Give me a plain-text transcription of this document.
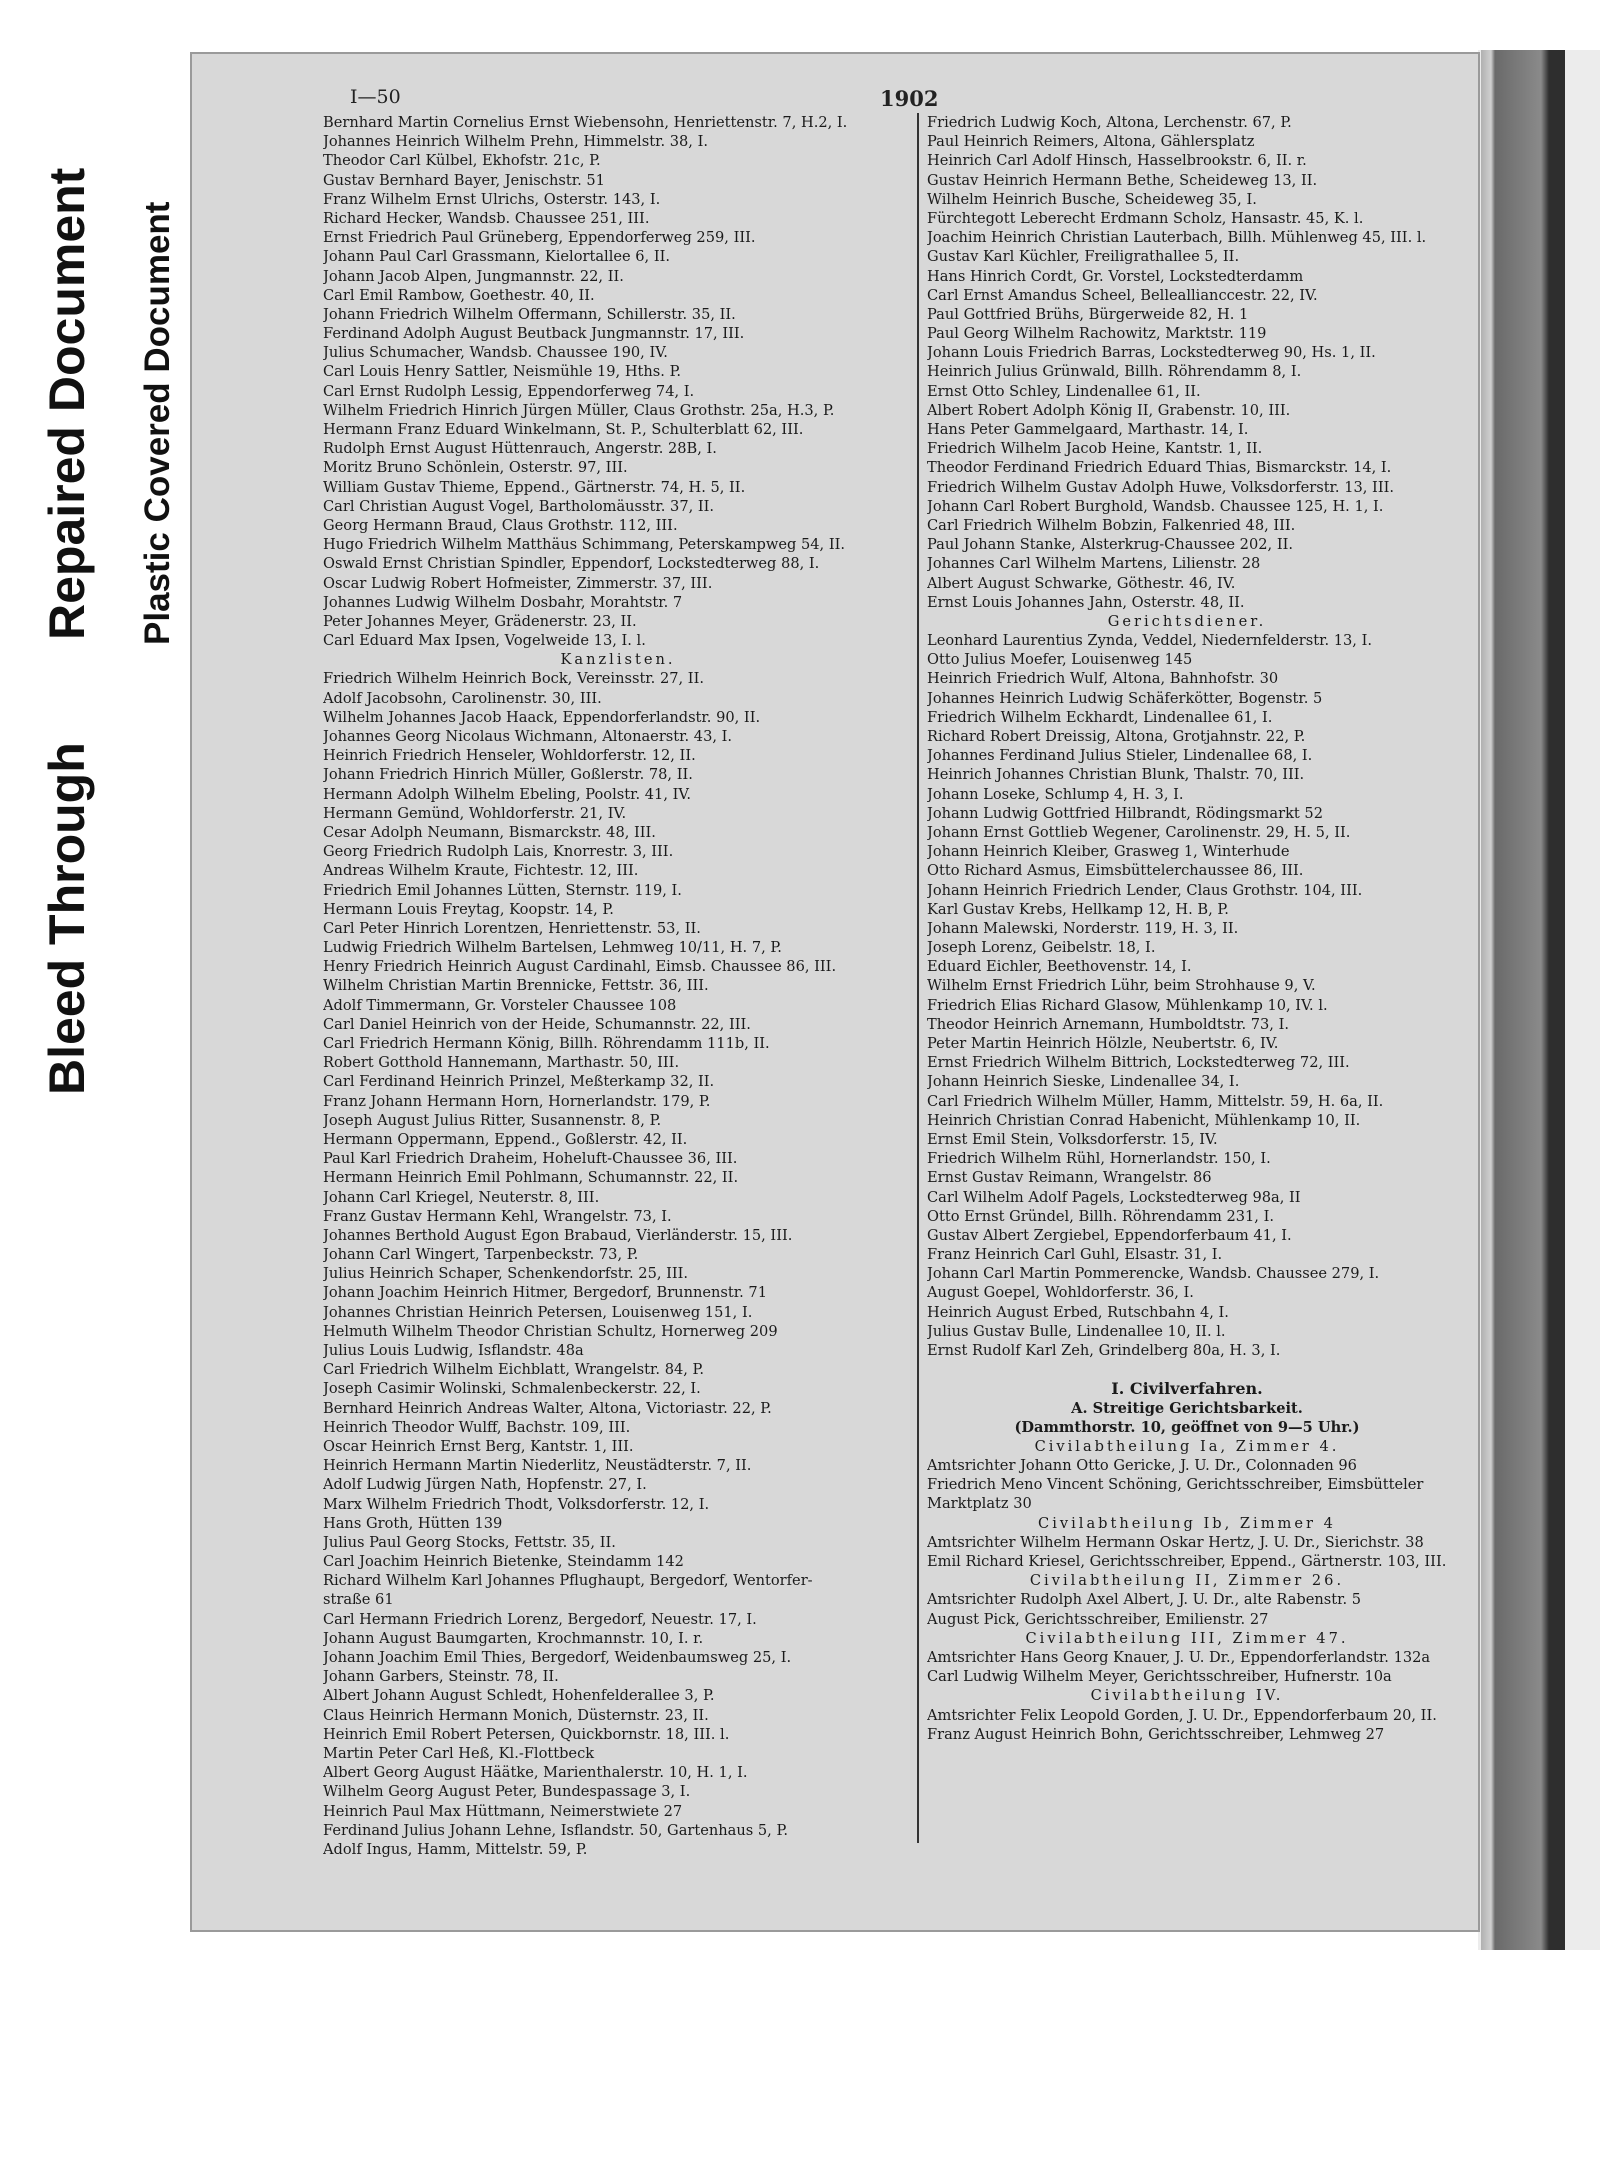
Bleed Through
Repaired Document Plastic Covered Document
I—50	1902
Bernhard Martin Cornelius Ernst Wiebensohn, Henriettenstr. 7, H.2, I.
Johannes Heinrich Wilhelm Prehn, Himmelstr. 38, I.
Theodor Carl Külbel, Ekhofstr. 21c, P.
Gustav Bernhard Bayer, Jenischstr. 51
Franz Wilhelm Ernst Ulrichs, Osterstr. 143, I.
Richard Hecker, Wandsb. Chaussee 251, III.
Ernst Friedrich Paul Grüneberg, Eppendorferweg 259, III.
Johann Paul Carl Grassmann, Kielortallee 6, II.
Johann Jacob Alpen, Jungmannstr. 22, II.
Carl Emil Rambow, Goethestr. 40, II.
Johann Friedrich Wilhelm Offermann, Schillerstr. 35, II.
Ferdinand Adolph August Beutback Jungmannstr. 17, III.
Julius Schumacher, Wandsb. Chaussee 190, IV.
Carl Louis Henry Sattler, Neismühle 19, Hths. P.
Carl Ernst Rudolph Lessig, Eppendorferweg 74, I.
Wilhelm Friedrich Hinrich Jürgen Müller, Claus Grothstr. 25a, H.3, P.
Hermann Franz Eduard Winkelmann, St. P., Schulterblatt 62, III.
Rudolph Ernst August Hüttenrauch, Angerstr. 28B, I.
Moritz Bruno Schönlein, Osterstr. 97, III.
William Gustav Thieme, Eppend., Gärtnerstr. 74, H. 5, II.
Carl Christian August Vogel, Bartholomäusstr. 37, II.
Georg Hermann Braud, Claus Grothstr. 112, III.
Hugo Friedrich Wilhelm Matthäus Schimmang, Peterskampweg 54, II.
Oswald Ernst Christian Spindler, Eppendorf, Lockstedterweg 88, I.
Oscar Ludwig Robert Hofmeister, Zimmerstr. 37, III.
Johannes Ludwig Wilhelm Dosbahr, Morahtstr. 7
Peter Johannes Meyer, Grädenerstr. 23, II.
Carl Eduard Max Ipsen, Vogelweide 13, I. l.
Kanzlisten.
Friedrich Wilhelm Heinrich Bock, Vereinsstr. 27, II.
Adolf Jacobsohn, Carolinenstr. 30, III.
Wilhelm Johannes Jacob Haack, Eppendorferlandstr. 90, II.
Johannes Georg Nicolaus Wichmann, Altonaerstr. 43, I.
Heinrich Friedrich Henseler, Wohldorferstr. 12, II.
Johann Friedrich Hinrich Müller, Goßlerstr. 78, II.
Hermann Adolph Wilhelm Ebeling, Poolstr. 41, IV.
Hermann Gemünd, Wohldorferstr. 21, IV.
Cesar Adolph Neumann, Bismarckstr. 48, III.
Georg Friedrich Rudolph Lais, Knorrestr. 3, III.
Andreas Wilhelm Kraute, Fichtestr. 12, III.
Friedrich Emil Johannes Lütten, Sternstr. 119, I.
Hermann Louis Freytag, Koopstr. 14, P.
Carl Peter Hinrich Lorentzen, Henriettenstr. 53, II.
Ludwig Friedrich Wilhelm Bartelsen, Lehmweg 10/11, H. 7, P.
Henry Friedrich Heinrich August Cardinahl, Eimsb. Chaussee 86, III.
Wilhelm Christian Martin Brennicke, Fettstr. 36, III.
Adolf Timmermann, Gr. Vorsteler Chaussee 108
Carl Daniel Heinrich von der Heide, Schumannstr. 22, III.
Carl Friedrich Hermann König, Billh. Röhrendamm 111b, II.
Robert Gotthold Hannemann, Marthastr. 50, III.
Carl Ferdinand Heinrich Prinzel, Meßterkamp 32, II.
Franz Johann Hermann Horn, Hornerlandstr. 179, P.
Joseph August Julius Ritter, Susannenstr. 8, P.
Hermann Oppermann, Eppend., Goßlerstr. 42, II.
Paul Karl Friedrich Draheim, Hoheluft-Chaussee 36, III.
Hermann Heinrich Emil Pohlmann, Schumannstr. 22, II.
Johann Carl Kriegel, Neuterstr. 8, III.
Franz Gustav Hermann Kehl, Wrangelstr. 73, I.
Johannes Berthold August Egon Brabaud, Vierländerstr. 15, III.
Johann Carl Wingert, Tarpenbeckstr. 73, P.
Julius Heinrich Schaper, Schenkendorfstr. 25, III.
Johann Joachim Heinrich Hitmer, Bergedorf, Brunnenstr. 71
Johannes Christian Heinrich Petersen, Louisenweg 151, I.
Helmuth Wilhelm Theodor Christian Schultz, Hornerweg 209
Julius Louis Ludwig, Isflandstr. 48a
Carl Friedrich Wilhelm Eichblatt, Wrangelstr. 84, P.
Joseph Casimir Wolinski, Schmalenbeckerstr. 22, I.
Bernhard Heinrich Andreas Walter, Altona, Victoriastr. 22, P.
Heinrich Theodor Wulff, Bachstr. 109, III.
Oscar Heinrich Ernst Berg, Kantstr. 1, III.
Heinrich Hermann Martin Niederlitz, Neustädterstr. 7, II.
Adolf Ludwig Jürgen Nath, Hopfenstr. 27, I.
Marx Wilhelm Friedrich Thodt, Volksdorferstr. 12, I.
Hans Groth, Hütten 139
Julius Paul Georg Stocks, Fettstr. 35, II.
Carl Joachim Heinrich Bietenke, Steindamm 142
Richard Wilhelm Karl Johannes Pflughaupt, Bergedorf, Wentorfer-
straße 61
Carl Hermann Friedrich Lorenz, Bergedorf, Neuestr. 17, I.
Johann August Baumgarten, Krochmannstr. 10, I. r.
Johann Joachim Emil Thies, Bergedorf, Weidenbaumsweg 25, I.
Johann Garbers, Steinstr. 78, II.
Albert Johann August Schledt, Hohenfelderallee 3, P.
Claus Heinrich Hermann Monich, Düsternstr. 23, II.
Heinrich Emil Robert Petersen, Quickbornstr. 18, III. l.
Martin Peter Carl Heß, Kl.-Flottbeck
Albert Georg August Häätke, Marienthalerstr. 10, H. 1, I.
Wilhelm Georg August Peter, Bundespassage 3, I.
Heinrich Paul Max Hüttmann, Neimerstwiete 27
Ferdinand Julius Johann Lehne, Isflandstr. 50, Gartenhaus 5, P.
Adolf Ingus, Hamm, Mittelstr. 59, P.
Friedrich Ludwig Koch, Altona, Lerchenstr. 67, P.
Paul Heinrich Reimers, Altona, Gählersplatz
Heinrich Carl Adolf Hinsch, Hasselbrookstr. 6, II. r.
Gustav Heinrich Hermann Bethe, Scheideweg 13, II.
Wilhelm Heinrich Busche, Scheideweg 35, I.
Fürchtegott Leberecht Erdmann Scholz, Hansastr. 45, K. l.
Joachim Heinrich Christian Lauterbach, Billh. Mühlenweg 45, III. l.
Gustav Karl Küchler, Freiligrathallee 5, II.
Hans Hinrich Cordt, Gr. Vorstel, Lockstedterdamm
Carl Ernst Amandus Scheel, Belleallianccestr. 22, IV.
Paul Gottfried Brühs, Bürgerweide 82, H. 1
Paul Georg Wilhelm Rachowitz, Marktstr. 119
Johann Louis Friedrich Barras, Lockstedterweg 90, Hs. 1, II.
Heinrich Julius Grünwald, Billh. Röhrendamm 8, I.
Ernst Otto Schley, Lindenallee 61, II.
Albert Robert Adolph König II, Grabenstr. 10, III.
Hans Peter Gammelgaard, Marthastr. 14, I.
Friedrich Wilhelm Jacob Heine, Kantstr. 1, II.
Theodor Ferdinand Friedrich Eduard Thias, Bismarckstr. 14, I.
Friedrich Wilhelm Gustav Adolph Huwe, Volksdorferstr. 13, III.
Johann Carl Robert Burghold, Wandsb. Chaussee 125, H. 1, I.
Carl Friedrich Wilhelm Bobzin, Falkenried 48, III.
Paul Johann Stanke, Alsterkrug-Chaussee 202, II.
Johannes Carl Wilhelm Martens, Lilienstr. 28
Albert August Schwarke, Göthestr. 46, IV.
Ernst Louis Johannes Jahn, Osterstr. 48, II.
Gerichtsdiener.
Leonhard Laurentius Zynda, Veddel, Niedernfelderstr. 13, I.
Otto Julius Moefer, Louisenweg 145
Heinrich Friedrich Wulf, Altona, Bahnhofstr. 30
Johannes Heinrich Ludwig Schäferkötter, Bogenstr. 5
Friedrich Wilhelm Eckhardt, Lindenallee 61, I.
Richard Robert Dreissig, Altona, Grotjahnstr. 22, P.
Johannes Ferdinand Julius Stieler, Lindenallee 68, I.
Heinrich Johannes Christian Blunk, Thalstr. 70, III.
Johann Loseke, Schlump 4, H. 3, I.
Johann Ludwig Gottfried Hilbrandt, Rödingsmarkt 52
Johann Ernst Gottlieb Wegener, Carolinenstr. 29, H. 5, II.
Johann Heinrich Kleiber, Grasweg 1, Winterhude
Otto Richard Asmus, Eimsbüttelerchaussee 86, III.
Johann Heinrich Friedrich Lender, Claus Grothstr. 104, III.
Karl Gustav Krebs, Hellkamp 12, H. B, P.
Johann Malewski, Norderstr. 119, H. 3, II.
Joseph Lorenz, Geibelstr. 18, I.
Eduard Eichler, Beethovenstr. 14, I.
Wilhelm Ernst Friedrich Lühr, beim Strohhause 9, V.
Friedrich Elias Richard Glasow, Mühlenkamp 10, IV. l.
Theodor Heinrich Arnemann, Humboldtstr. 73, I.
Peter Martin Heinrich Hölzle, Neubertstr. 6, IV.
Ernst Friedrich Wilhelm Bittrich, Lockstedterweg 72, III.
Johann Heinrich Sieske, Lindenallee 34, I.
Carl Friedrich Wilhelm Müller, Hamm, Mittelstr. 59, H. 6a, II.
Heinrich Christian Conrad Habenicht, Mühlenkamp 10, II.
Ernst Emil Stein, Volksdorferstr. 15, IV.
Friedrich Wilhelm Rühl, Hornerlandstr. 150, I.
Ernst Gustav Reimann, Wrangelstr. 86
Carl Wilhelm Adolf Pagels, Lockstedterweg 98a, II
Otto Ernst Gründel, Billh. Röhrendamm 231, I.
Gustav Albert Zergiebel, Eppendorferbaum 41, I.
Franz Heinrich Carl Guhl, Elsastr. 31, I.
Johann Carl Martin Pommerencke, Wandsb. Chaussee 279, I.
August Goepel, Wohldorferstr. 36, I.
Heinrich August Erbed, Rutschbahn 4, I.
Julius Gustav Bulle, Lindenallee 10, II. l.
Ernst Rudolf Karl Zeh, Grindelberg 80a, H. 3, I.
I. Civilverfahren.
A. Streitige Gerichtsbarkeit.
(Dammthorstr. 10, geöffnet von 9—5 Uhr.)
Civilabtheilung Ia, Zimmer 4.
Amtsrichter Johann Otto Gericke, J. U. Dr., Colonnaden 96
Friedrich Meno Vincent Schöning, Gerichtsschreiber, Eimsbütteler
Marktplatz 30
Civilabtheilung Ib, Zimmer 4
Amtsrichter Wilhelm Hermann Oskar Hertz, J. U. Dr., Sierichstr. 38
Emil Richard Kriesel, Gerichtsschreiber, Eppend., Gärtnerstr. 103, III.
Civilabtheilung II, Zimmer 26.
Amtsrichter Rudolph Axel Albert, J. U. Dr., alte Rabenstr. 5
August Pick, Gerichtsschreiber, Emilienstr. 27
Civilabtheilung III, Zimmer 47.
Amtsrichter Hans Georg Knauer, J. U. Dr., Eppendorferlandstr. 132a
Carl Ludwig Wilhelm Meyer, Gerichtsschreiber, Hufnerstr. 10a
Civilabtheilung IV.
Amtsrichter Felix Leopold Gorden, J. U. Dr., Eppendorferbaum 20, II.
Franz August Heinrich Bohn, Gerichtsschreiber, Lehmweg 27
